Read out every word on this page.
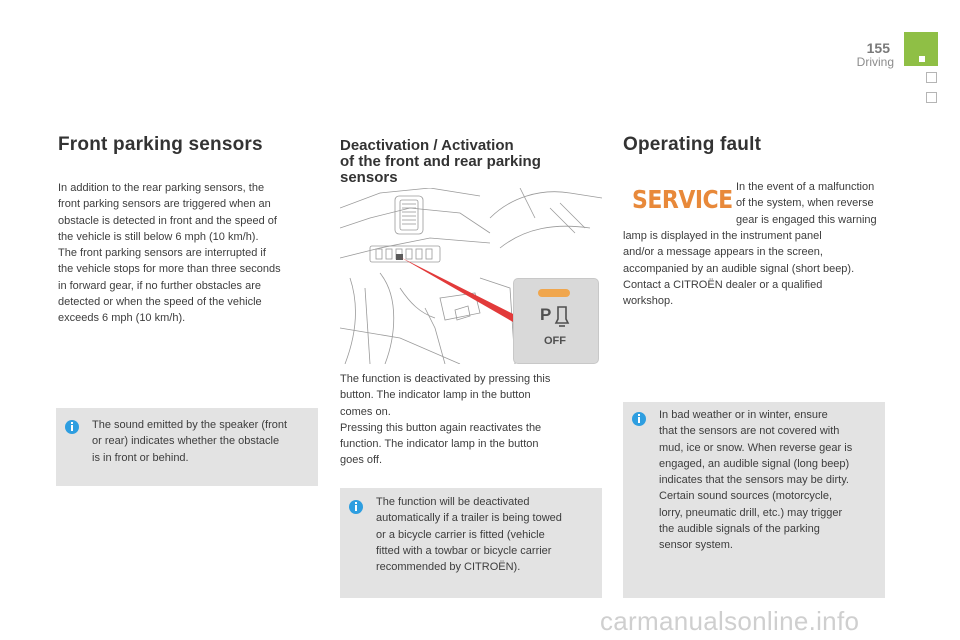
155
Driving
Front parking sensors

In addition to the rear parking sensors, the

front parking sensors are triggered when an

obstacle is detected in front and the speed of

the vehicle is still below 6 mph (10 km/h).

The front parking sensors are interrupted if

the vehicle stops for more than three seconds

in forward gear, if no further obstacles are

detected or when the speed of the vehicle

exceeds 6 mph (10 km/h).

The sound emitted by the speaker (front

or rear) indicates whether the obstacle

is in front or behind.

Deactivation / Activation
of the front and rear parking
sensors
P
OFF

The function is deactivated by pressing this

button. The indicator lamp in the button

comes on.

Pressing this button again reactivates the

function. The indicator lamp in the button

goes off.

The function will be deactivated

automatically if a trailer is being towed

or a bicycle carrier is fitted (vehicle

fitted with a towbar or bicycle carrier

recommended by CITROËN).

Operating fault
SERVICE In the event of a malfunction

of the system, when reverse

gear is engaged this warning

lamp is displayed in the instrument panel

and/or a message appears in the screen,

accompanied by an audible signal (short beep).

Contact a CITROËN dealer or a qualified

workshop.

In bad weather or in winter, ensure

that the sensors are not covered with

mud, ice or snow. When reverse gear is

engaged, an audible signal (long beep)

indicates that the sensors may be dirty.

Certain sound sources (motorcycle,

lorry, pneumatic drill, etc.) may trigger

the audible signals of the parking

sensor system.

carmanualsonline.info
